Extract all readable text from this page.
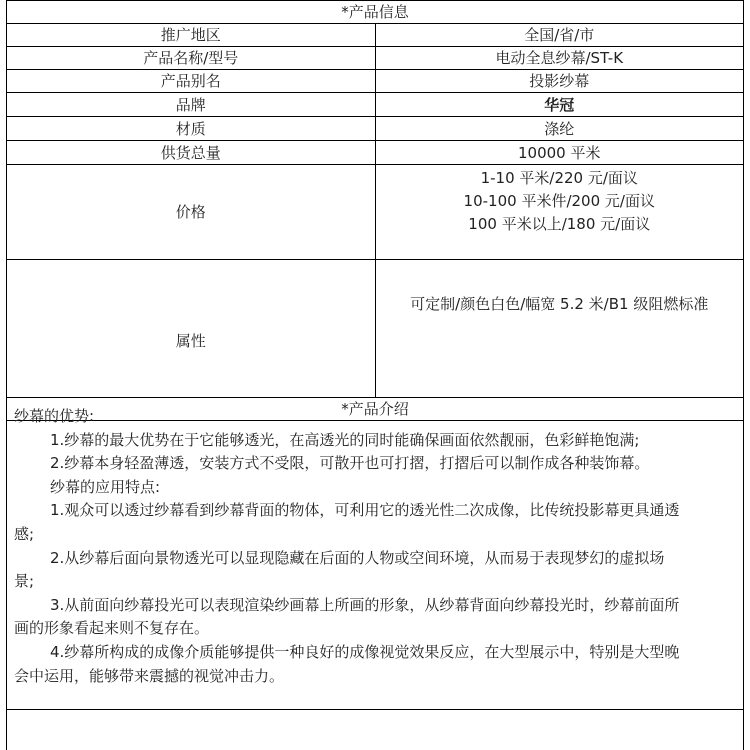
*产品信息	
推广地区	全国/省/市
产品名称/型号	电动全息纱幕/ST-K
产品别名	投影纱幕
品牌	华冠
材质	涤纶
供货总量	10000 平米
价格	1-10 平米/220 元/面议
10-100 平米件/200 元/面议
100 平米以上/180 元/面议

属性	可定制/颜色白色/幅宽 5.2 米/B1 级阻燃标准
*产品介绍	

纱幕的优势:

1.纱幕的最大优势在于它能够透光，在高透光的同时能确保画面依然靓丽，色彩鲜艳饱满;

2.纱幕本身轻盈薄透，安装方式不受限，可散开也可打摺，打摺后可以制作成各种装饰幕。

纱幕的应用特点:

1.观众可以透过纱幕看到纱幕背面的物体，可利用它的透光性二次成像，比传统投影幕更具通透

感;

2.从纱幕后面向景物透光可以显现隐藏在后面的人物或空间环境，从而易于表现梦幻的虚拟场

景;

3.从前面向纱幕投光可以表现渲染纱画幕上所画的形象，从纱幕背面向纱幕投光时，纱幕前面所

画的形象看起来则不复存在。

4.纱幕所构成的成像介质能够提供一种良好的成像视觉效果反应，在大型展示中，特别是大型晚

会中运用，能够带来震撼的视觉冲击力。
